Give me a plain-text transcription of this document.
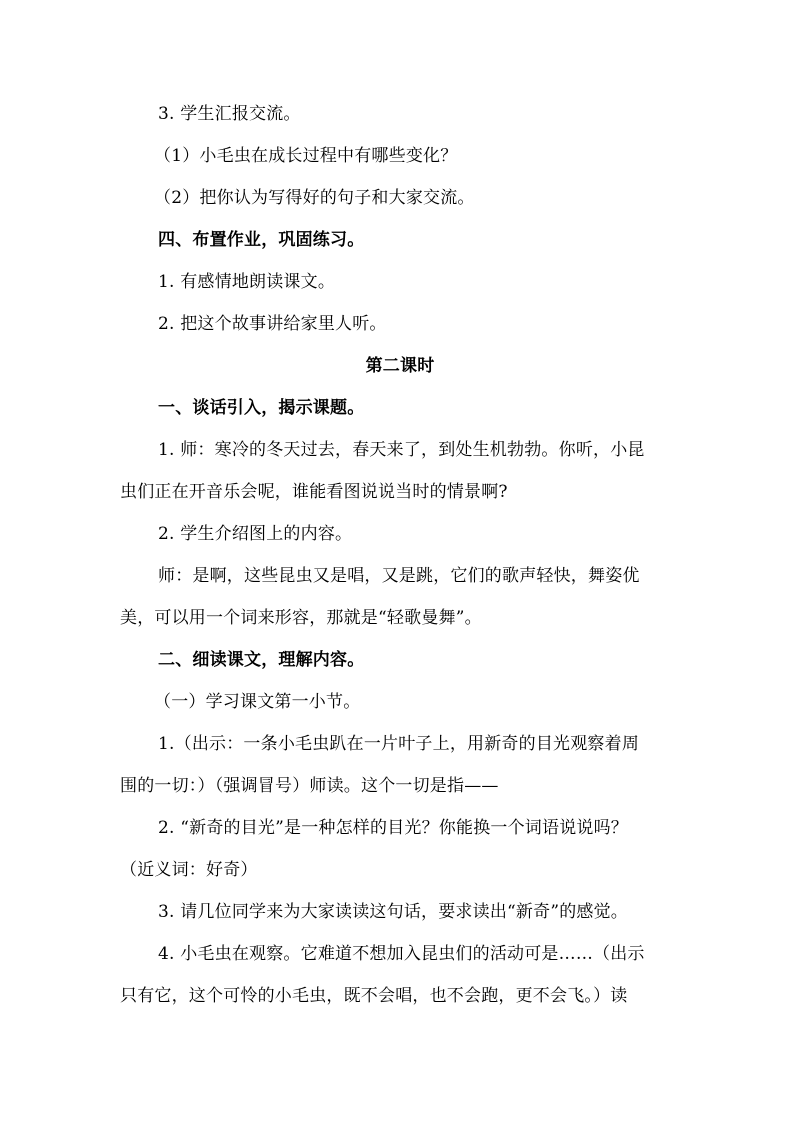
3. 学生汇报交流。
（1）小毛虫在成长过程中有哪些变化？
（2）把你认为写得好的句子和大家交流。
四、布置作业，巩固练习。
1. 有感情地朗读课文。
2. 把这个故事讲给家里人听。
第二课时
一、谈话引入，揭示课题。
1. 师：寒冷的冬天过去，春天来了，到处生机勃勃。你听，小昆
虫们正在开音乐会呢，谁能看图说说当时的情景啊?
2. 学生介绍图上的内容。
师：是啊，这些昆虫又是唱，又是跳，它们的歌声轻快，舞姿优
美，可以用一个词来形容，那就是“轻歌曼舞”。
二、细读课文，理解内容。
（一）学习课文第一小节。
1.（出示：一条小毛虫趴在一片叶子上，用新奇的目光观察着周
围的一切：）（强调冒号）师读。这个一切是指——
2. “新奇的目光”是一种怎样的目光？你能换一个词语说说吗？
（近义词：好奇）
3. 请几位同学来为大家读读这句话，要求读出“新奇”的感觉。
4. 小毛虫在观察。它难道不想加入昆虫们的活动可是……（出示
只有它，这个可怜的小毛虫，既不会唱，也不会跑，更不会飞。）读
